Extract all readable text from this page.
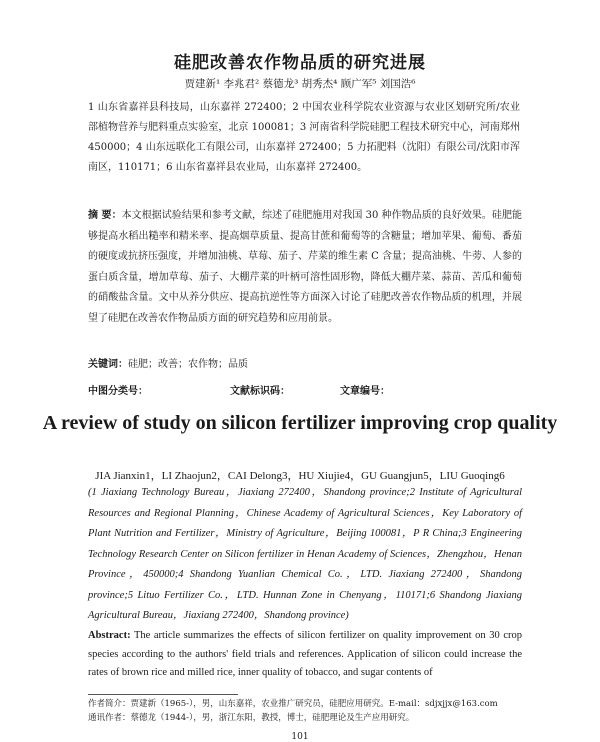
硅肥改善农作物品质的研究进展
贾建新¹ 李兆君² 蔡德龙³ 胡秀杰⁴ 顾广军⁵ 刘国浩⁶
1 山东省嘉祥县科技局，山东嘉祥 272400；2 中国农业科学院农业资源与农业区划研究所/农业部植物营养与肥料重点实验室，北京 100081；3 河南省科学院硅肥工程技术研究中心，河南郑州 450000；4 山东远联化工有限公司，山东嘉祥 272400；5 力拓肥料（沈阳）有限公司/沈阳市浑南区，110171；6 山东省嘉祥县农业局，山东嘉祥 272400。
摘 要：本文根据试验结果和参考文献，综述了硅肥施用对我国 30 种作物品质的良好效果。硅肥能够提高水稻出糙率和精米率、提高烟草质量、提高甘蔗和葡萄等的含糖量；增加苹果、葡萄、番茄的硬度或抗挤压强度，并增加油桃、草莓、茄子、芹菜的维生素 C 含量；提高油桃、牛蒡、人参的蛋白质含量，增加草莓、茄子、大棚芹菜的叶柄可溶性固形物，降低大棚芹菜、蒜苗、苦瓜和葡萄的硝酸盐含量。文中从养分供应、提高抗逆性等方面深入讨论了硅肥改善农作物品质的机理，并展望了硅肥在改善农作物品质方面的研究趋势和应用前景。
关键词：硅肥；改善；农作物；品质
中图分类号：	文献标识码：	文章编号：
A review of study on silicon fertilizer improving crop quality
JIA Jianxin1，LI Zhaojun2，CAI Delong3，HU Xiujie4，GU Guangjun5，LIU Guoqing6
(1 Jiaxiang Technology Bureau，Jiaxiang 272400，Shandong province;2 Institute of Agricultural Resources and Regional Planning，Chinese Academy of Agricultural Sciences，Key Laboratory of Plant Nutrition and Fertilizer，Ministry of Agriculture，Beijing 100081，P R China;3 Engineering Technology Research Center on Silicon fertilizer in Henan Academy of Sciences，Zhengzhou，Henan Province，450000;4 Shandong Yuanlian Chemical Co.，LTD. Jiaxiang 272400，Shandong province;5 Lituo Fertilizer Co.，LTD. Hunnan Zone in Chenyang，110171;6 Shandong Jiaxiang Agricultural Bureau，Jiaxiang 272400，Shandong province)
Abstract: The article summarizes the effects of silicon fertilizer on quality improvement on 30 crop species according to the authors' field trials and references. Application of silicon could increase the rates of brown rice and milled rice, inner quality of tobacco, and sugar contents of
作者简介：贾建新（1965-），男，山东嘉祥，农业推广研究员，硅肥应用研究。E-mail：sdjxjjx@163.com
通讯作者：蔡德龙（1944-），男，浙江东阳，教授，博士，硅肥理论及生产应用研究。
101
